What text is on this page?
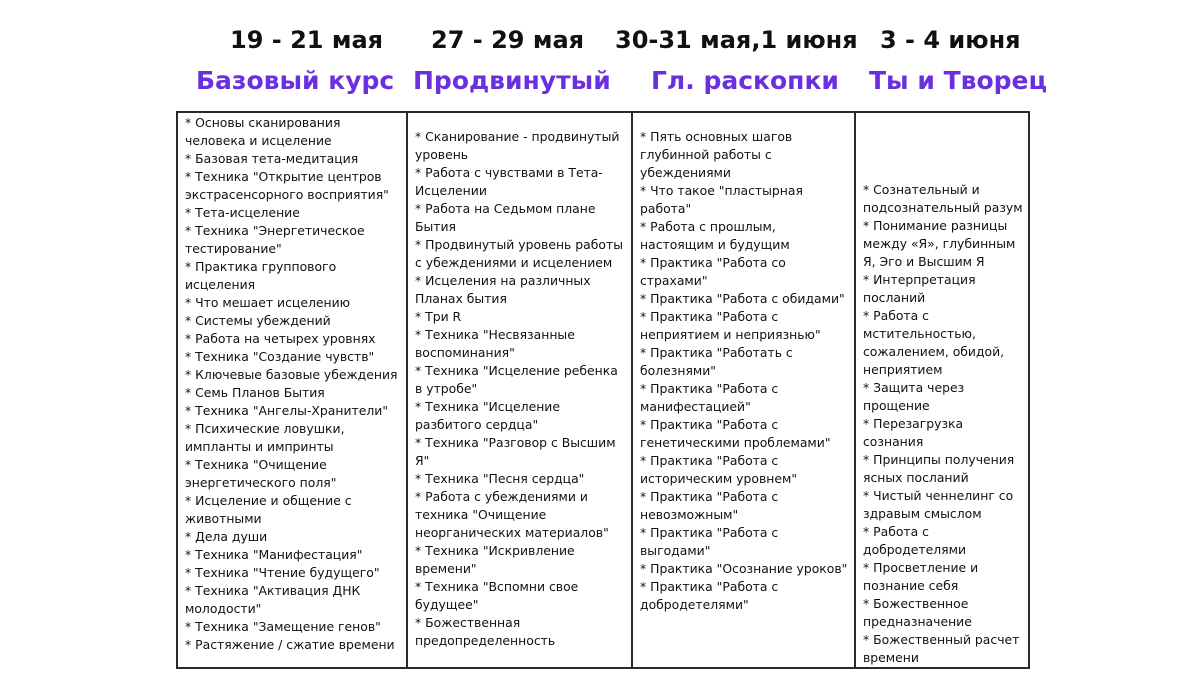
19 - 21 мая 27 - 29 мая 30-31 мая,1 июня 3 - 4 июня
Базовый курс Продвинутый Гл. раскопки Ты и Творец
* Основы сканирования человека и исцеление
* Базовая тета-медитация
* Техника "Открытие центров экстрасенсорного восприятия"
* Тета-исцеление
* Техника "Энергетическое тестирование"
* Практика группового исцеления
* Что мешает исцелению
* Системы убеждений
* Работа на четырех уровнях
* Техника "Создание чувств"
* Ключевые базовые убеждения
* Семь Планов Бытия
* Техника "Ангелы-Хранители"
* Психические ловушки, импланты и импринты
* Техника "Очищение энергетического поля"
* Исцеление и общение с животными
* Дела души
* Техника "Манифестация"
* Техника "Чтение будущего"
* Техника "Активация ДНК молодости"
* Техника "Замещение генов"
* Растяжение / сжатие времени
* Сканирование - продвинутый уровень
* Работа с чувствами в Тета-Исцелении
* Работа на Седьмом плане Бытия
* Продвинутый уровень работы с убеждениями и исцелением
* Исцеления на различных Планах бытия
* Три R
* Техника "Несвязанные воспоминания"
* Техника "Исцеление ребенка в утробе"
* Техника "Исцеление разбитого сердца"
* Техника "Разговор с Высшим Я"
* Техника "Песня сердца"
* Работа с убеждениями и техника "Очищение неорганических материалов"
* Техника "Искривление времени"
* Техника "Вспомни свое будущее"
* Божественная предопределенность
* Пять основных шагов глубинной работы с убеждениями
* Что такое "пластырная работа"
* Работа с прошлым, настоящим и будущим
* Практика "Работа со страхами"
* Практика "Работа с обидами"
* Практика "Работа с неприятием и неприязнью"
* Практика "Работать с болезнями"
* Практика "Работа с манифестацией"
* Практика "Работа с генетическими проблемами"
* Практика "Работа с историческим уровнем"
* Практика "Работа с невозможным"
* Практика "Работа с выгодами"
* Практика "Осознание уроков"
* Практика "Работа с добродетелями"
* Сознательный и подсознательный разум
* Понимание разницы между «Я», глубинным Я, Эго и Высшим Я
* Интерпретация посланий
* Работа с мстительностью, сожалением, обидой, неприятием
* Защита через прощение
* Перезагрузка сознания
* Принципы получения ясных посланий
* Чистый ченнелинг со здравым смыслом
* Работа с добродетелями
* Просветление и познание себя
* Божественное предназначение
* Божественный расчет времени
